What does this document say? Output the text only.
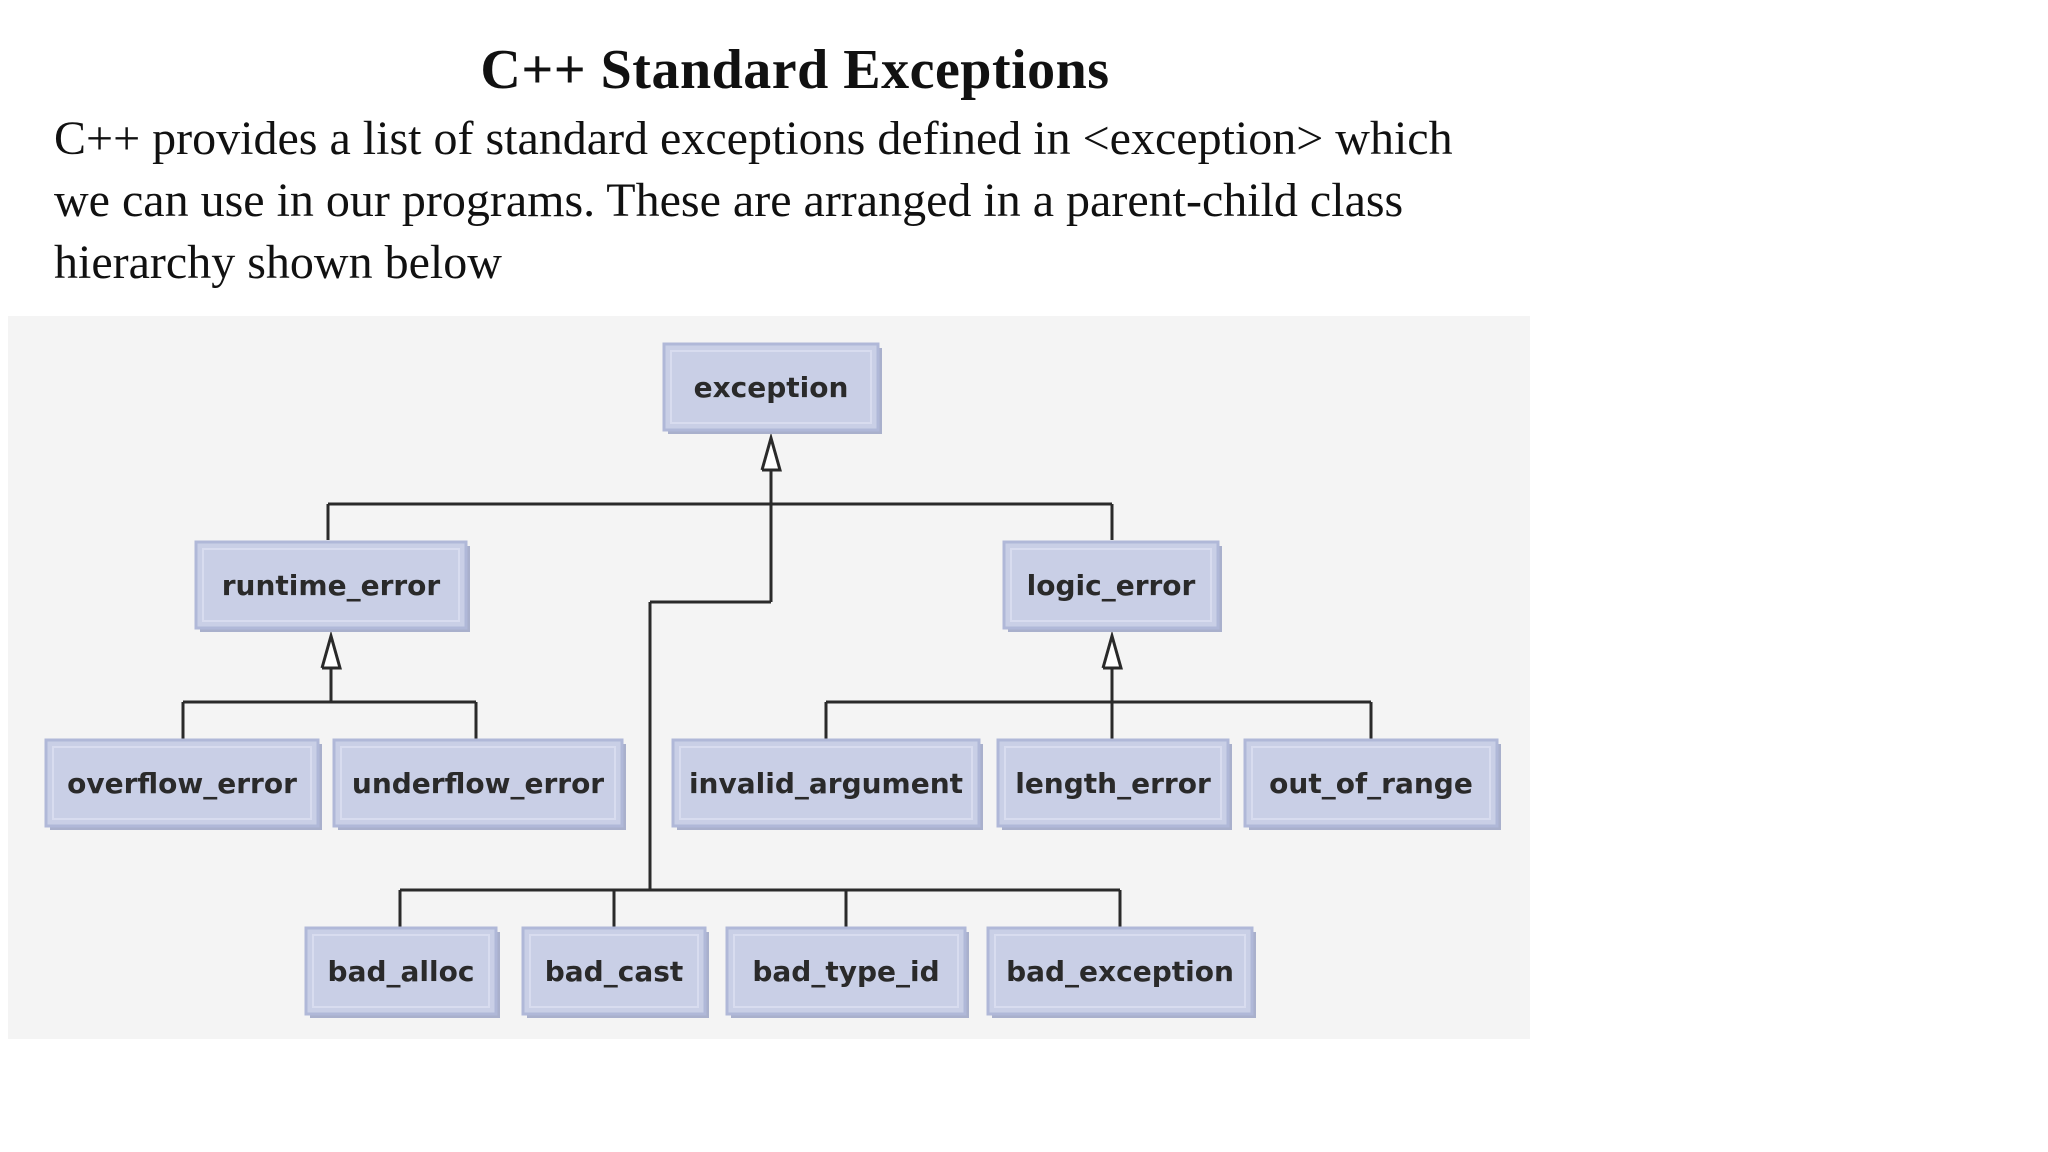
C++ Standard Exceptions

C++ provides a list of standard exceptions defined in <exception> which we can use in our programs. These are arranged in a parent-child class hierarchy shown below

exception
runtime_error	logic_error
overflow_error underflow_error	invalid_argument length_error out_of_range
bad_alloc	bad_cast bad_type_id bad_exception
